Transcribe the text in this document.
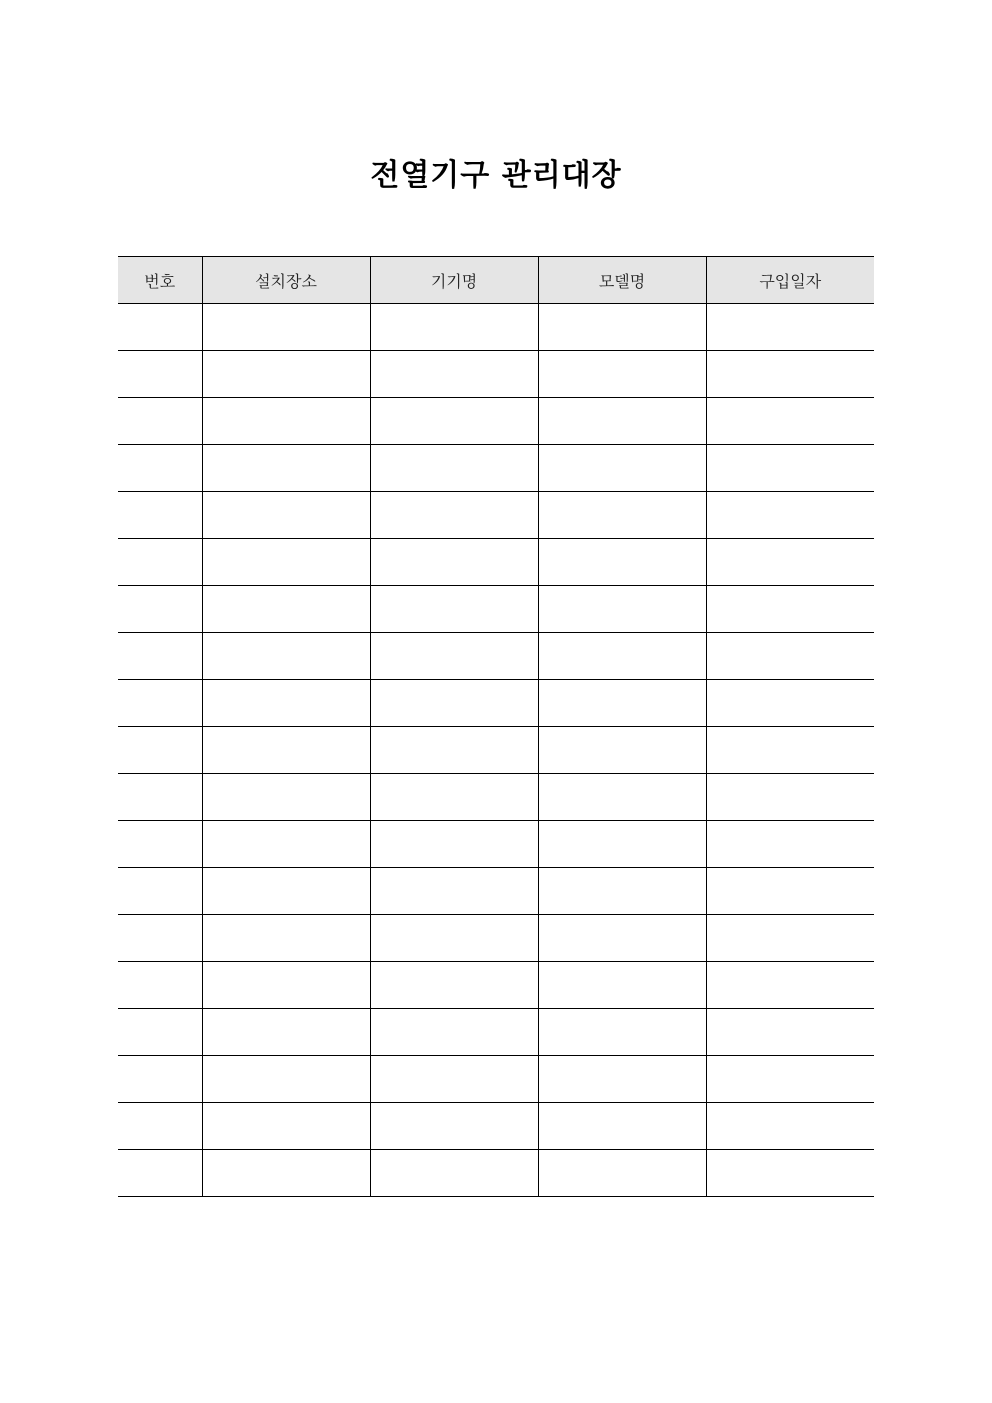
전열기구 관리대장
번호	설치장소	기기명	모델명	구입일자
